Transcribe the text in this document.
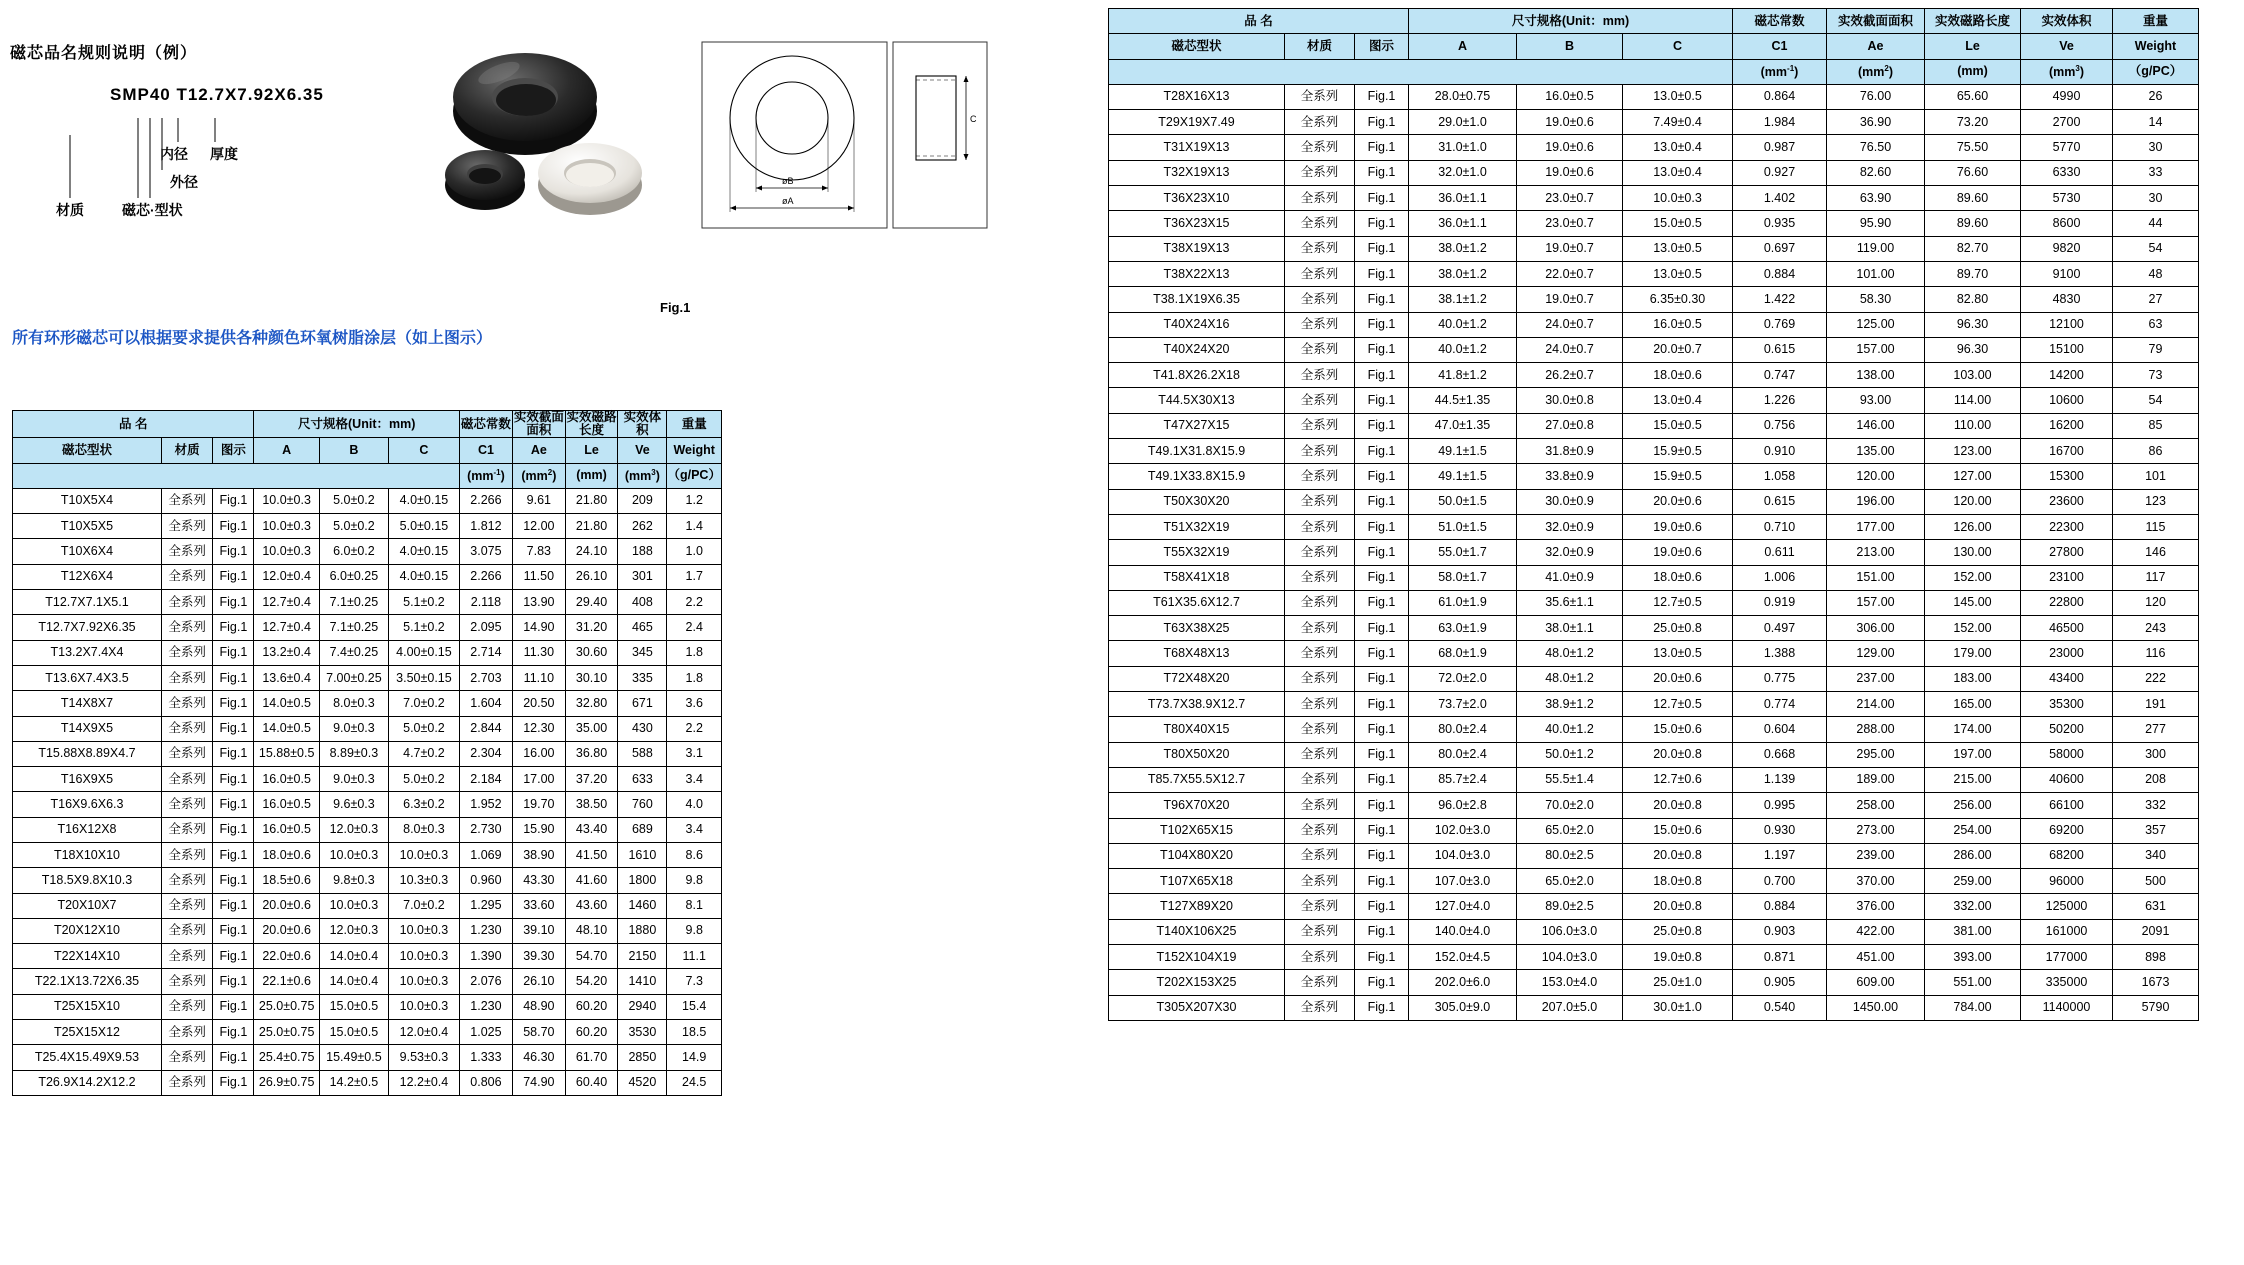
磁芯品名规则说明（例）
SMP40 T12.7X7.92X6.35
内径 厚度
外径
材质	磁芯·型状
øB
øA
C
Fig.1
所有环形磁芯可以根据要求提供各种颜色环氧树脂涂层（如上图示）
品 名			尺寸规格(Unit：mm)			磁芯常数	实效截面面积	实效磁路长度	实效体积	重量
磁芯型状	材质	图示	A	B	C	C1	Ae	Le	Ve	Weight
						$(mm^{-1})$	$(mm^2)$	(mm)	$(mm^3)$	（g/PC）
T10X5X4	全系列	Fig.1	10.0±0.3	5.0±0.2	4.0±0.15	2.266	9.61	21.80	209	1.2
T10X5X5	全系列	Fig.1	10.0±0.3	5.0±0.2	5.0±0.15	1.812	12.00	21.80	262	1.4
T10X6X4	全系列	Fig.1	10.0±0.3	6.0±0.2	4.0±0.15	3.075	7.83	24.10	188	1.0
T12X6X4	全系列	Fig.1	12.0±0.4	6.0±0.25	4.0±0.15	2.266	11.50	26.10	301	1.7
T12.7X7.1X5.1	全系列	Fig.1	12.7±0.4	7.1±0.25	5.1±0.2	2.118	13.90	29.40	408	2.2
T12.7X7.92X6.35	全系列	Fig.1	12.7±0.4	7.1±0.25	5.1±0.2	2.095	14.90	31.20	465	2.4
T13.2X7.4X4	全系列	Fig.1	13.2±0.4	7.4±0.25	4.00±0.15	2.714	11.30	30.60	345	1.8
T13.6X7.4X3.5	全系列	Fig.1	13.6±0.4	7.00±0.25	3.50±0.15	2.703	11.10	30.10	335	1.8
T14X8X7	全系列	Fig.1	14.0±0.5	8.0±0.3	7.0±0.2	1.604	20.50	32.80	671	3.6
T14X9X5	全系列	Fig.1	14.0±0.5	9.0±0.3	5.0±0.2	2.844	12.30	35.00	430	2.2
T15.88X8.89X4.7	全系列	Fig.1	15.88±0.5	8.89±0.3	4.7±0.2	2.304	16.00	36.80	588	3.1
T16X9X5	全系列	Fig.1	16.0±0.5	9.0±0.3	5.0±0.2	2.184	17.00	37.20	633	3.4
T16X9.6X6.3	全系列	Fig.1	16.0±0.5	9.6±0.3	6.3±0.2	1.952	19.70	38.50	760	4.0
T16X12X8	全系列	Fig.1	16.0±0.5	12.0±0.3	8.0±0.3	2.730	15.90	43.40	689	3.4
T18X10X10	全系列	Fig.1	18.0±0.6	10.0±0.3	10.0±0.3	1.069	38.90	41.50	1610	8.6
T18.5X9.8X10.3	全系列	Fig.1	18.5±0.6	9.8±0.3	10.3±0.3	0.960	43.30	41.60	1800	9.8
T20X10X7	全系列	Fig.1	20.0±0.6	10.0±0.3	7.0±0.2	1.295	33.60	43.60	1460	8.1
T20X12X10	全系列	Fig.1	20.0±0.6	12.0±0.3	10.0±0.3	1.230	39.10	48.10	1880	9.8
T22X14X10	全系列	Fig.1	22.0±0.6	14.0±0.4	10.0±0.3	1.390	39.30	54.70	2150	11.1
T22.1X13.72X6.35	全系列	Fig.1	22.1±0.6	14.0±0.4	10.0±0.3	2.076	26.10	54.20	1410	7.3
T25X15X10	全系列	Fig.1	25.0±0.75	15.0±0.5	10.0±0.3	1.230	48.90	60.20	2940	15.4
T25X15X12	全系列	Fig.1	25.0±0.75	15.0±0.5	12.0±0.4	1.025	58.70	60.20	3530	18.5
T25.4X15.49X9.53	全系列	Fig.1	25.4±0.75	15.49±0.5	9.53±0.3	1.333	46.30	61.70	2850	14.9
T26.9X14.2X12.2	全系列	Fig.1	26.9±0.75	14.2±0.5	12.2±0.4	0.806	74.90	60.40	4520	24.5
品 名			尺寸规格(Unit：mm)			磁芯常数	实效截面面积	实效磁路长度	实效体积	重量
磁芯型状	材质	图示	A	B	C	C1	Ae	Le	Ve	Weight
						$(mm^{-1})$	$(mm^2)$	(mm)	$(mm^3)$	（g/PC）
T28X16X13	全系列	Fig.1	28.0±0.75	16.0±0.5	13.0±0.5	0.864	76.00	65.60	4990	26
T29X19X7.49	全系列	Fig.1	29.0±1.0	19.0±0.6	7.49±0.4	1.984	36.90	73.20	2700	14
T31X19X13	全系列	Fig.1	31.0±1.0	19.0±0.6	13.0±0.4	0.987	76.50	75.50	5770	30
T32X19X13	全系列	Fig.1	32.0±1.0	19.0±0.6	13.0±0.4	0.927	82.60	76.60	6330	33
T36X23X10	全系列	Fig.1	36.0±1.1	23.0±0.7	10.0±0.3	1.402	63.90	89.60	5730	30
T36X23X15	全系列	Fig.1	36.0±1.1	23.0±0.7	15.0±0.5	0.935	95.90	89.60	8600	44
T38X19X13	全系列	Fig.1	38.0±1.2	19.0±0.7	13.0±0.5	0.697	119.00	82.70	9820	54
T38X22X13	全系列	Fig.1	38.0±1.2	22.0±0.7	13.0±0.5	0.884	101.00	89.70	9100	48
T38.1X19X6.35	全系列	Fig.1	38.1±1.2	19.0±0.7	6.35±0.30	1.422	58.30	82.80	4830	27
T40X24X16	全系列	Fig.1	40.0±1.2	24.0±0.7	16.0±0.5	0.769	125.00	96.30	12100	63
T40X24X20	全系列	Fig.1	40.0±1.2	24.0±0.7	20.0±0.7	0.615	157.00	96.30	15100	79
T41.8X26.2X18	全系列	Fig.1	41.8±1.2	26.2±0.7	18.0±0.6	0.747	138.00	103.00	14200	73
T44.5X30X13	全系列	Fig.1	44.5±1.35	30.0±0.8	13.0±0.4	1.226	93.00	114.00	10600	54
T47X27X15	全系列	Fig.1	47.0±1.35	27.0±0.8	15.0±0.5	0.756	146.00	110.00	16200	85
T49.1X31.8X15.9	全系列	Fig.1	49.1±1.5	31.8±0.9	15.9±0.5	0.910	135.00	123.00	16700	86
T49.1X33.8X15.9	全系列	Fig.1	49.1±1.5	33.8±0.9	15.9±0.5	1.058	120.00	127.00	15300	101
T50X30X20	全系列	Fig.1	50.0±1.5	30.0±0.9	20.0±0.6	0.615	196.00	120.00	23600	123
T51X32X19	全系列	Fig.1	51.0±1.5	32.0±0.9	19.0±0.6	0.710	177.00	126.00	22300	115
T55X32X19	全系列	Fig.1	55.0±1.7	32.0±0.9	19.0±0.6	0.611	213.00	130.00	27800	146
T58X41X18	全系列	Fig.1	58.0±1.7	41.0±0.9	18.0±0.6	1.006	151.00	152.00	23100	117
T61X35.6X12.7	全系列	Fig.1	61.0±1.9	35.6±1.1	12.7±0.5	0.919	157.00	145.00	22800	120
T63X38X25	全系列	Fig.1	63.0±1.9	38.0±1.1	25.0±0.8	0.497	306.00	152.00	46500	243
T68X48X13	全系列	Fig.1	68.0±1.9	48.0±1.2	13.0±0.5	1.388	129.00	179.00	23000	116
T72X48X20	全系列	Fig.1	72.0±2.0	48.0±1.2	20.0±0.6	0.775	237.00	183.00	43400	222
T73.7X38.9X12.7	全系列	Fig.1	73.7±2.0	38.9±1.2	12.7±0.5	0.774	214.00	165.00	35300	191
T80X40X15	全系列	Fig.1	80.0±2.4	40.0±1.2	15.0±0.6	0.604	288.00	174.00	50200	277
T80X50X20	全系列	Fig.1	80.0±2.4	50.0±1.2	20.0±0.8	0.668	295.00	197.00	58000	300
T85.7X55.5X12.7	全系列	Fig.1	85.7±2.4	55.5±1.4	12.7±0.6	1.139	189.00	215.00	40600	208
T96X70X20	全系列	Fig.1	96.0±2.8	70.0±2.0	20.0±0.8	0.995	258.00	256.00	66100	332
T102X65X15	全系列	Fig.1	102.0±3.0	65.0±2.0	15.0±0.6	0.930	273.00	254.00	69200	357
T104X80X20	全系列	Fig.1	104.0±3.0	80.0±2.5	20.0±0.8	1.197	239.00	286.00	68200	340
T107X65X18	全系列	Fig.1	107.0±3.0	65.0±2.0	18.0±0.8	0.700	370.00	259.00	96000	500
T127X89X20	全系列	Fig.1	127.0±4.0	89.0±2.5	20.0±0.8	0.884	376.00	332.00	125000	631
T140X106X25	全系列	Fig.1	140.0±4.0	106.0±3.0	25.0±0.8	0.903	422.00	381.00	161000	2091
T152X104X19	全系列	Fig.1	152.0±4.5	104.0±3.0	19.0±0.8	0.871	451.00	393.00	177000	898
T202X153X25	全系列	Fig.1	202.0±6.0	153.0±4.0	25.0±1.0	0.905	609.00	551.00	335000	1673
T305X207X30	全系列	Fig.1	305.0±9.0	207.0±5.0	30.0±1.0	0.540	1450.00	784.00	1140000	5790
